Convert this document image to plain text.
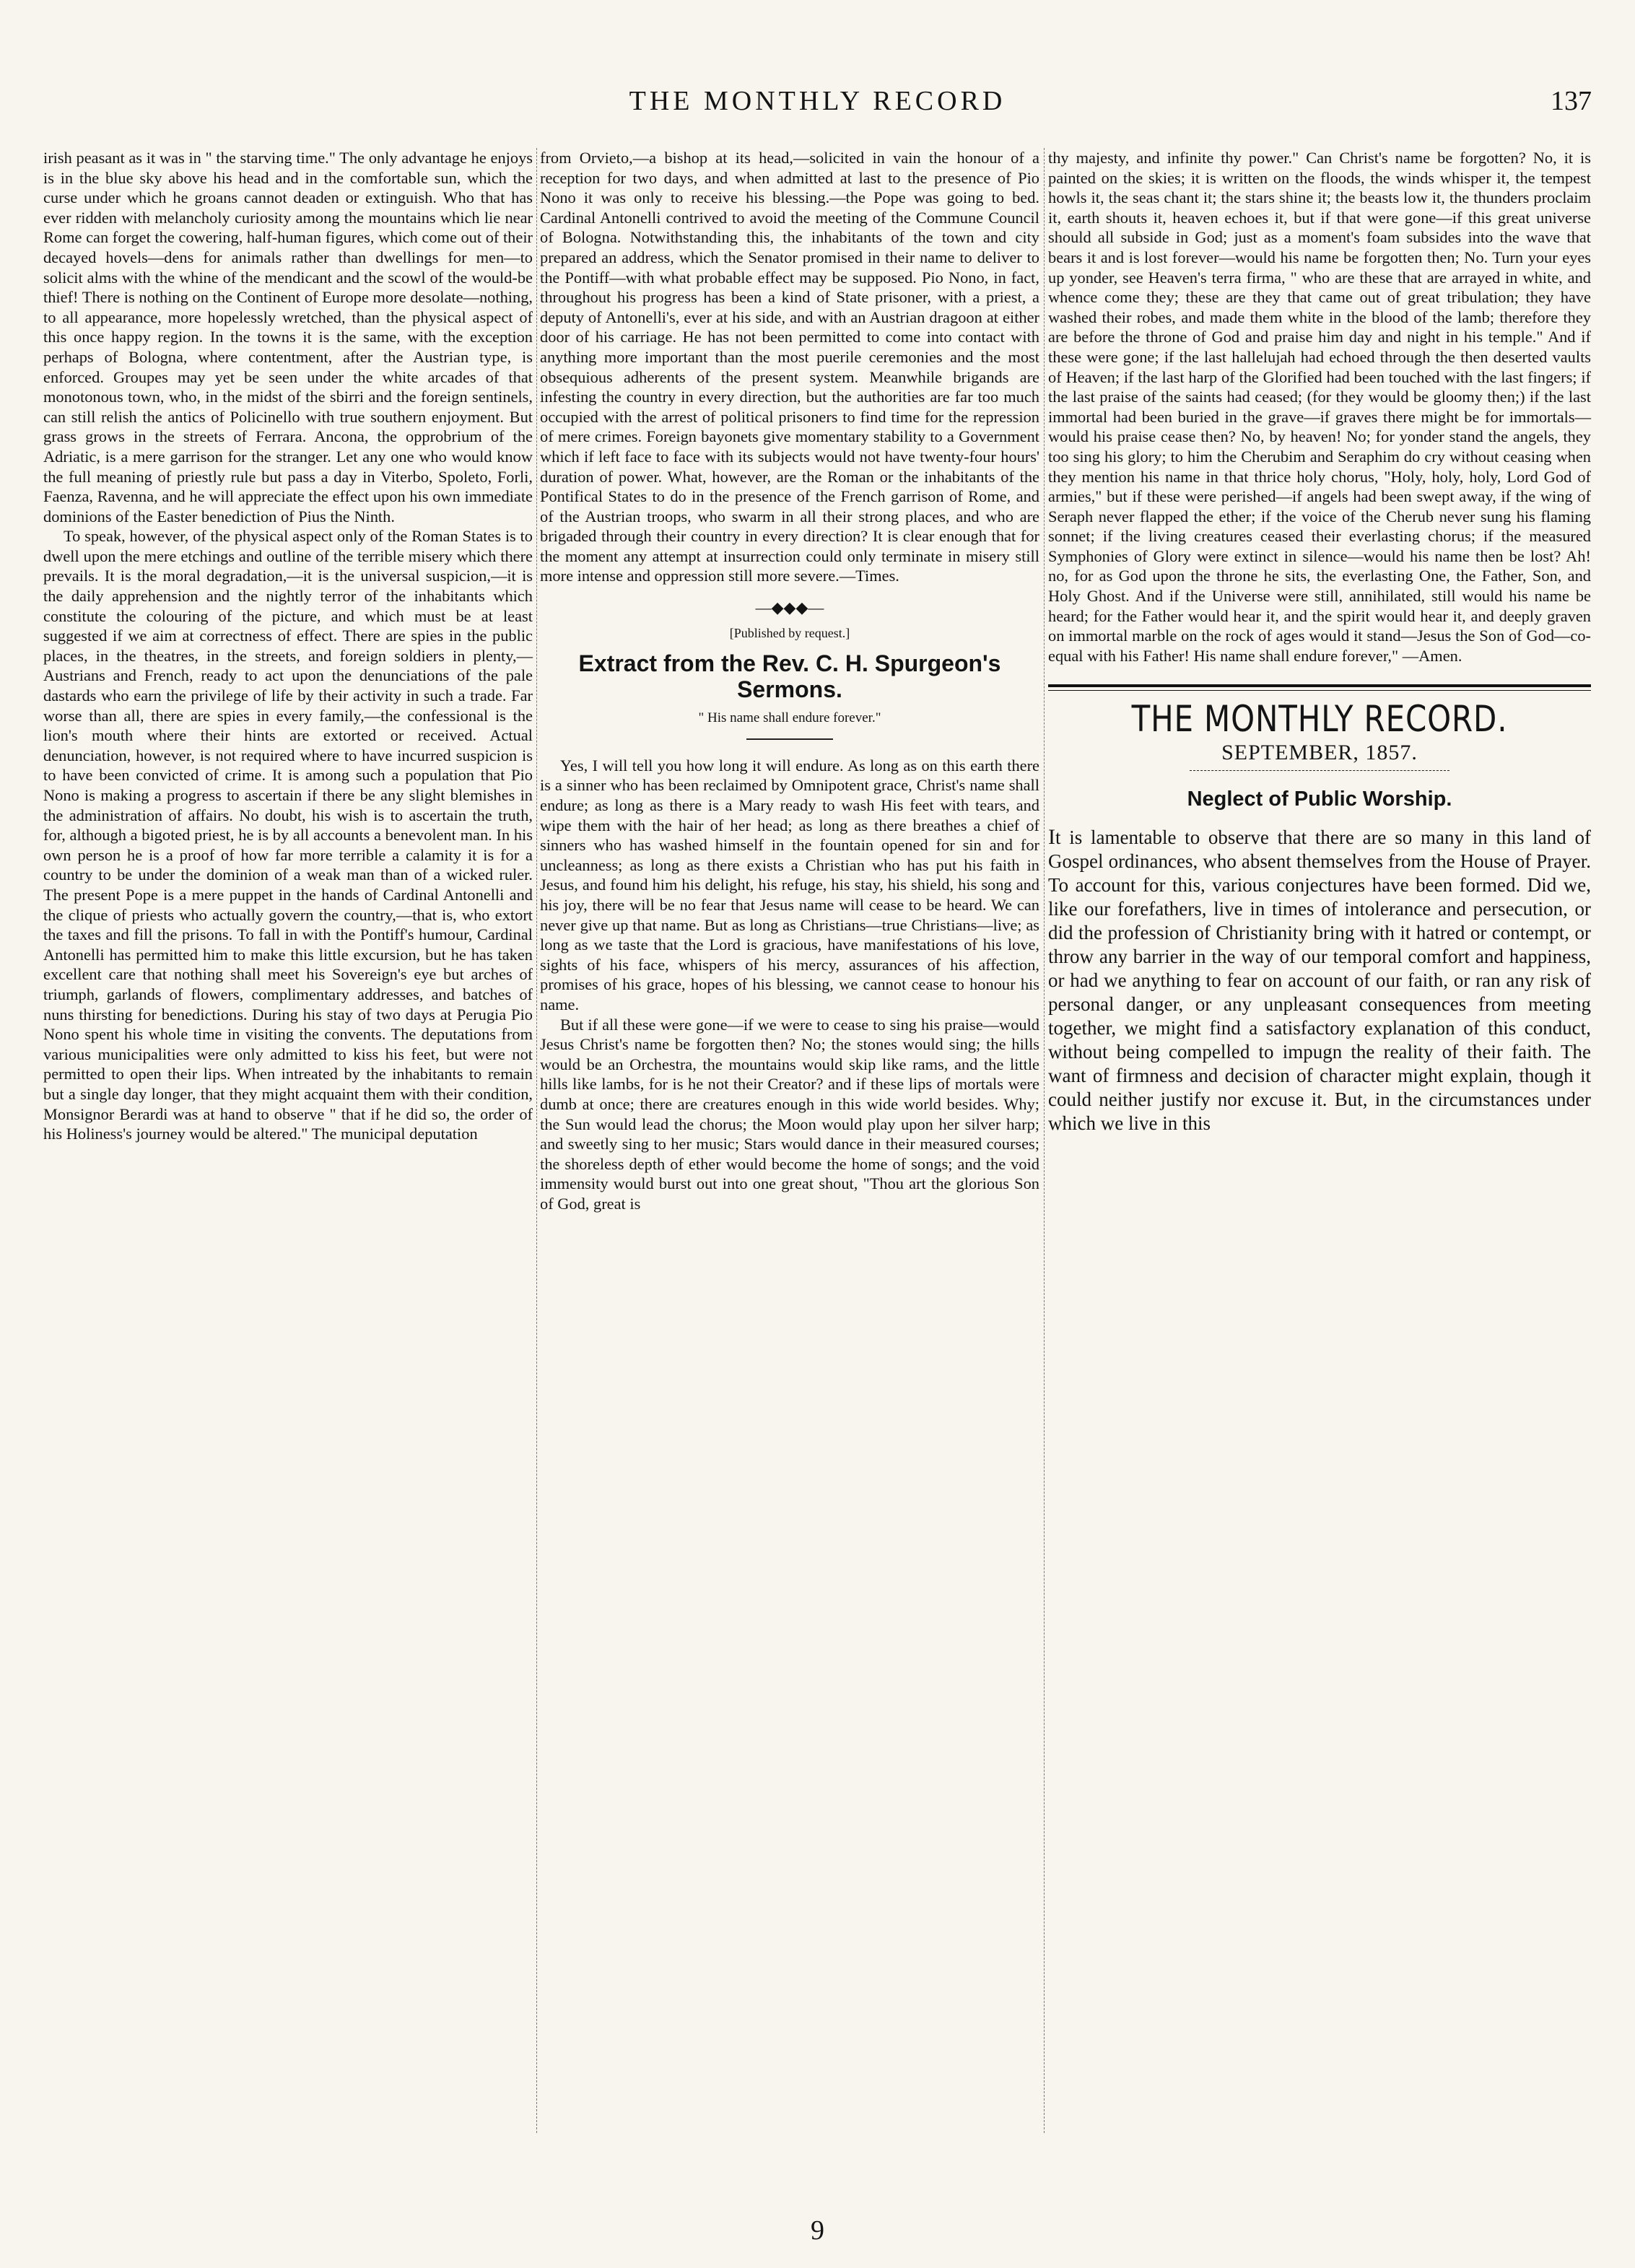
THE MONTHLY RECORD	137

irish peasant as it was in " the starving time." The only advantage he enjoys is in the blue sky above his head and in the comfortable sun, which the curse under which he groans cannot deaden or extinguish. Who that has ever ridden with melancholy curiosity among the mountains which lie near Rome can forget the cowering, half-human figures, which come out of their decayed hovels—dens for animals rather than dwellings for men—to solicit alms with the whine of the mendicant and the scowl of the would-be thief! There is nothing on the Continent of Europe more desolate—nothing, to all appearance, more hopelessly wretched, than the physical aspect of this once happy region. In the towns it is the same, with the exception perhaps of Bologna, where contentment, after the Austrian type, is enforced. Groupes may yet be seen under the white arcades of that monotonous town, who, in the midst of the sbirri and the foreign sentinels, can still relish the antics of Policinello with true southern enjoyment. But grass grows in the streets of Ferrara. Ancona, the opprobrium of the Adriatic, is a mere garrison for the stranger. Let any one who would know the full meaning of priestly rule but pass a day in Viterbo, Spoleto, Forli, Faenza, Ravenna, and he will appreciate the effect upon his own immediate dominions of the Easter benediction of Pius the Ninth.

To speak, however, of the physical aspect only of the Roman States is to dwell upon the mere etchings and outline of the terrible misery which there prevails. It is the moral degradation,—it is the universal suspicion,—it is the daily apprehension and the nightly terror of the inhabitants which constitute the colouring of the picture, and which must be at least suggested if we aim at correctness of effect. There are spies in the public places, in the theatres, in the streets, and foreign soldiers in plenty,—Austrians and French, ready to act upon the denunciations of the pale dastards who earn the privilege of life by their activity in such a trade. Far worse than all, there are spies in every family,—the confessional is the lion's mouth where their hints are extorted or received. Actual denunciation, however, is not required where to have incurred suspicion is to have been convicted of crime. It is among such a population that Pio Nono is making a progress to ascertain if there be any slight blemishes in the administration of affairs. No doubt, his wish is to ascertain the truth, for, although a bigoted priest, he is by all accounts a benevolent man. In his own person he is a proof of how far more terrible a calamity it is for a country to be under the dominion of a weak man than of a wicked ruler. The present Pope is a mere puppet in the hands of Cardinal Antonelli and the clique of priests who actually govern the country,—that is, who extort the taxes and fill the prisons. To fall in with the Pontiff's humour, Cardinal Antonelli has permitted him to make this little excursion, but he has taken excellent care that nothing shall meet his Sovereign's eye but arches of triumph, garlands of flowers, complimentary addresses, and batches of nuns thirsting for benedictions. During his stay of two days at Perugia Pio Nono spent his whole time in visiting the convents. The deputations from various municipalities were only admitted to kiss his feet, but were not permitted to open their lips. When intreated by the inhabitants to remain but a single day longer, that they might acquaint them with their condition, Monsignor Berardi was at hand to observe " that if he did so, the order of his Holiness's journey would be altered." The municipal deputation

from Orvieto,—a bishop at its head,—solicited in vain the honour of a reception for two days, and when admitted at last to the presence of Pio Nono it was only to receive his blessing.—the Pope was going to bed. Cardinal Antonelli contrived to avoid the meeting of the Commune Council of Bologna. Notwithstanding this, the inhabitants of the town and city prepared an address, which the Senator promised in their name to deliver to the Pontiff—with what probable effect may be supposed. Pio Nono, in fact, throughout his progress has been a kind of State prisoner, with a priest, a deputy of Antonelli's, ever at his side, and with an Austrian dragoon at either door of his carriage. He has not been permitted to come into contact with anything more important than the most puerile ceremonies and the most obsequious adherents of the present system. Meanwhile brigands are infesting the country in every direction, but the authorities are far too much occupied with the arrest of political prisoners to find time for the repression of mere crimes. Foreign bayonets give momentary stability to a Government which if left face to face with its subjects would not have twenty-four hours' duration of power. What, however, are the Roman or the inhabitants of the Pontifical States to do in the presence of the French garrison of Rome, and of the Austrian troops, who swarm in all their strong places, and who are brigaded through their country in every direction? It is clear enough that for the moment any attempt at insurrection could only terminate in misery still more intense and oppression still more severe.—Times.

—◆◆◆—
[Published by request.]
Extract from the Rev. C. H. Spurgeon's Sermons.
" His name shall endure forever."

Yes, I will tell you how long it will endure. As long as on this earth there is a sinner who has been reclaimed by Omnipotent grace, Christ's name shall endure; as long as there is a Mary ready to wash His feet with tears, and wipe them with the hair of her head; as long as there breathes a chief of sinners who has washed himself in the fountain opened for sin and for uncleanness; as long as there exists a Christian who has put his faith in Jesus, and found him his delight, his refuge, his stay, his shield, his song and his joy, there will be no fear that Jesus name will cease to be heard. We can never give up that name. But as long as Christians—true Christians—live; as long as we taste that the Lord is gracious, have manifestations of his love, sights of his face, whispers of his mercy, assurances of his affection, promises of his grace, hopes of his blessing, we cannot cease to honour his name.

But if all these were gone—if we were to cease to sing his praise—would Jesus Christ's name be forgotten then? No; the stones would sing; the hills would be an Orchestra, the mountains would skip like rams, and the little hills like lambs, for is he not their Creator? and if these lips of mortals were dumb at once; there are creatures enough in this wide world besides. Why; the Sun would lead the chorus; the Moon would play upon her silver harp; and sweetly sing to her music; Stars would dance in their measured courses; the shoreless depth of ether would become the home of songs; and the void immensity would burst out into one great shout, "Thou art the glorious Son of God, great is

thy majesty, and infinite thy power." Can Christ's name be forgotten? No, it is painted on the skies; it is written on the floods, the winds whisper it, the tempest howls it, the seas chant it; the stars shine it; the beasts low it, the thunders proclaim it, earth shouts it, heaven echoes it, but if that were gone—if this great universe should all subside in God; just as a moment's foam subsides into the wave that bears it and is lost forever—would his name be forgotten then; No. Turn your eyes up yonder, see Heaven's terra firma, " who are these that are arrayed in white, and whence come they; these are they that came out of great tribulation; they have washed their robes, and made them white in the blood of the lamb; therefore they are before the throne of God and praise him day and night in his temple." And if these were gone; if the last hallelujah had echoed through the then deserted vaults of Heaven; if the last harp of the Glorified had been touched with the last fingers; if the last praise of the saints had ceased; (for they would be gloomy then;) if the last immortal had been buried in the grave—if graves there might be for immortals—would his praise cease then? No, by heaven! No; for yonder stand the angels, they too sing his glory; to him the Cherubim and Seraphim do cry without ceasing when they mention his name in that thrice holy chorus, "Holy, holy, holy, Lord God of armies," but if these were perished—if angels had been swept away, if the wing of Seraph never flapped the ether; if the voice of the Cherub never sung his flaming sonnet; if the living creatures ceased their everlasting chorus; if the measured Symphonies of Glory were extinct in silence—would his name then be lost? Ah! no, for as God upon the throne he sits, the everlasting One, the Father, Son, and Holy Ghost. And if the Universe were still, annihilated, still would his name be heard; for the Father would hear it, and the spirit would hear it, and deeply graven on immortal marble on the rock of ages would it stand—Jesus the Son of God—co-equal with his Father! His name shall endure forever," —Amen.

THE MONTHLY RECORD.
SEPTEMBER, 1857.
Neglect of Public Worship.

It is lamentable to observe that there are so many in this land of Gospel ordinances, who absent themselves from the House of Prayer. To account for this, various conjectures have been formed. Did we, like our forefathers, live in times of intolerance and persecution, or did the profession of Christianity bring with it hatred or contempt, or throw any barrier in the way of our temporal comfort and happiness, or had we anything to fear on account of our faith, or ran any risk of personal danger, or any unpleasant consequences from meeting together, we might find a satisfactory explanation of this conduct, without being compelled to impugn the reality of their faith. The want of firmness and decision of character might explain, though it could neither justify nor excuse it. But, in the circumstances under which we live in this

9
